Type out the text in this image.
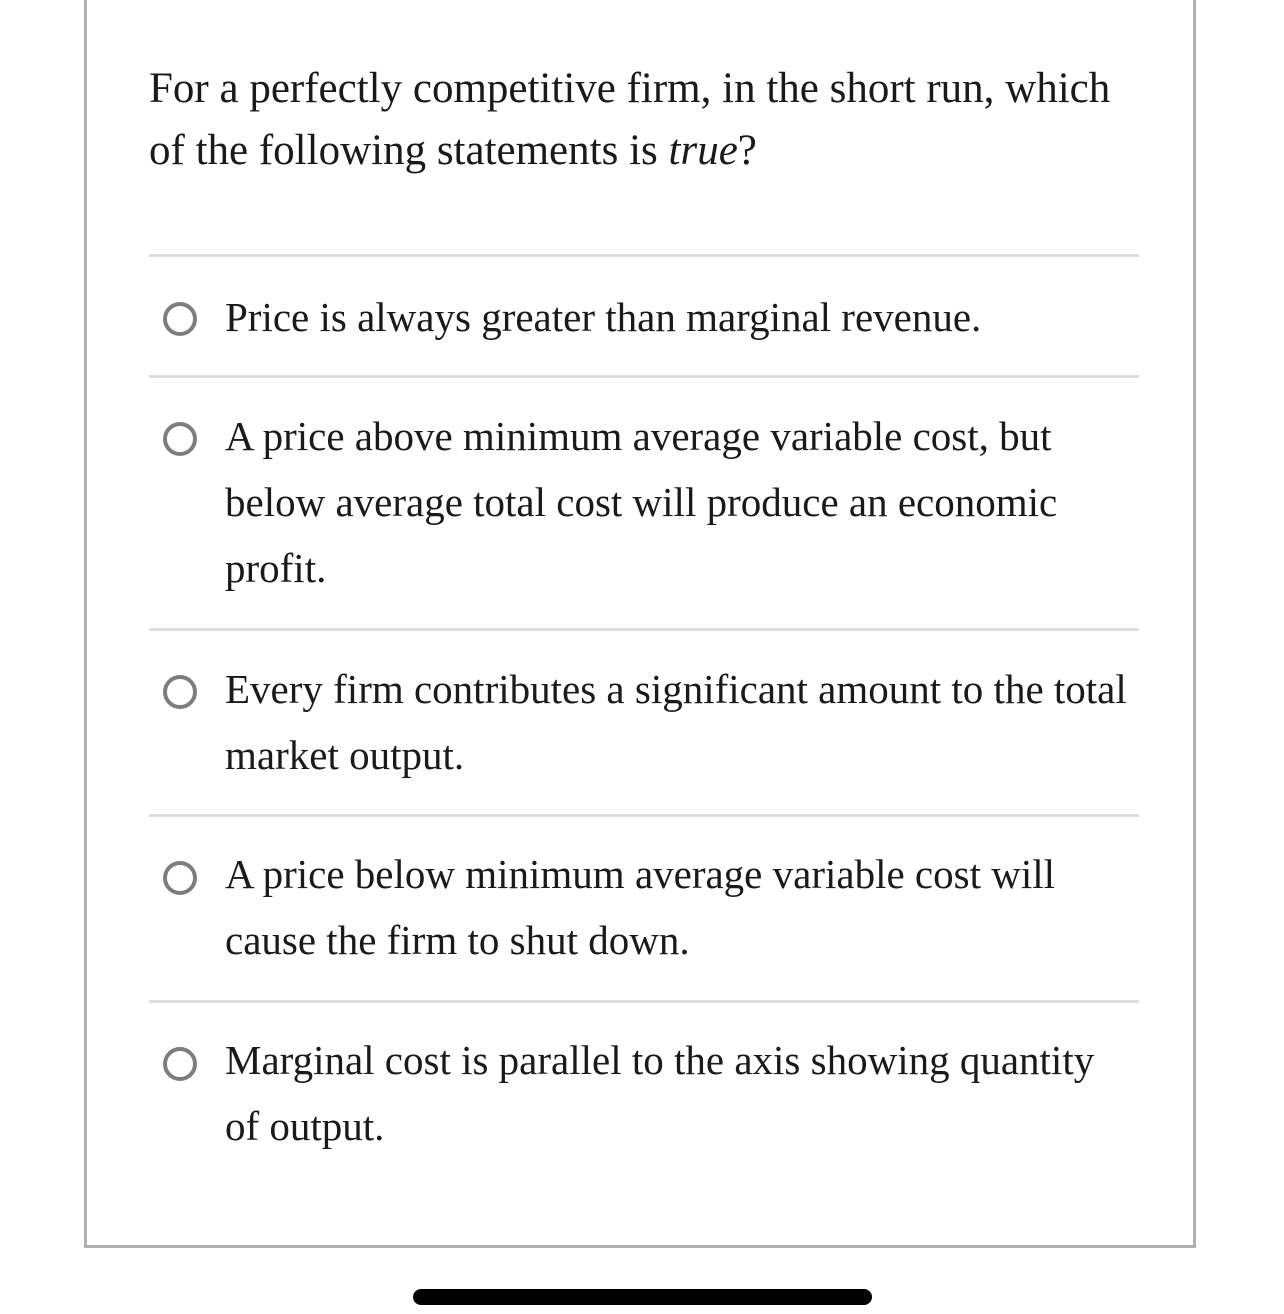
For a perfectly competitive firm, in the short run, which of the following statements is true?

Price is always greater than marginal revenue.
A price above minimum average variable cost, but below average total cost will produce an economic profit.
Every firm contributes a significant amount to the total market output.
A price below minimum average variable cost will cause the firm to shut down.
Marginal cost is parallel to the axis showing quantity of output.
